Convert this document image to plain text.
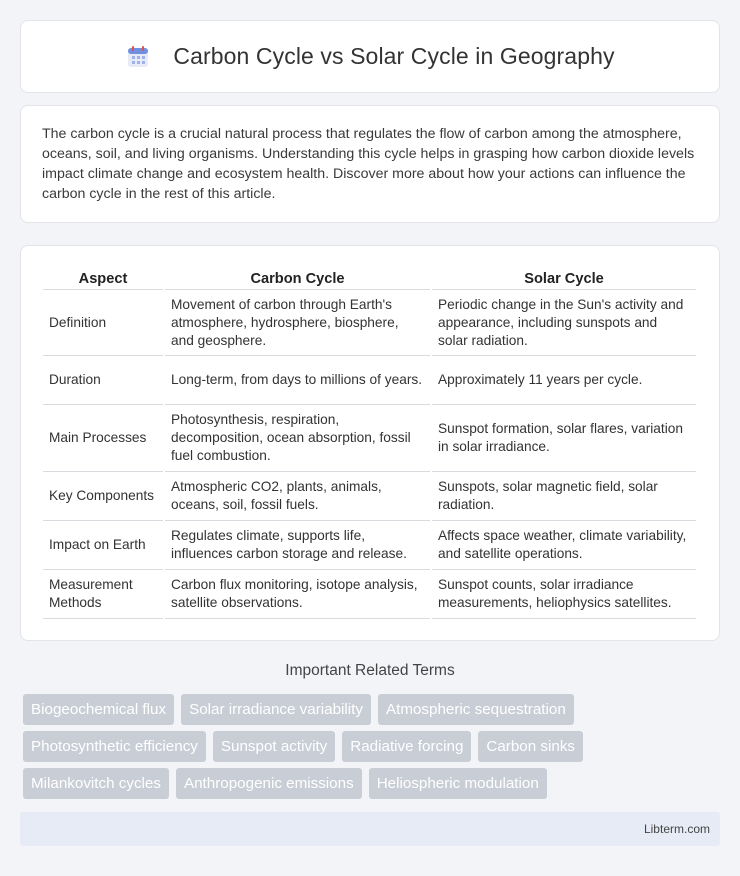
Carbon Cycle vs Solar Cycle in Geography

The carbon cycle is a crucial natural process that regulates the flow of carbon among the atmosphere, oceans, soil, and living organisms. Understanding this cycle helps in grasping how carbon dioxide levels impact climate change and ecosystem health. Discover more about how your actions can influence the carbon cycle in the rest of this article.

Aspect	Carbon Cycle	Solar Cycle
Definition	Movement of carbon through Earth's atmosphere, hydrosphere, biosphere, and geosphere.	Periodic change in the Sun's activity and appearance, including sunspots and solar radiation.
Duration	Long-term, from days to millions of years.	Approximately 11 years per cycle.
Main Processes	Photosynthesis, respiration, decomposition, ocean absorption, fossil fuel combustion.	Sunspot formation, solar flares, variation in solar irradiance.
Key Components	Atmospheric CO2, plants, animals, oceans, soil, fossil fuels.	Sunspots, solar magnetic field, solar radiation.
Impact on Earth	Regulates climate, supports life, influences carbon storage and release.	Affects space weather, climate variability, and satellite operations.
Measurement Methods	Carbon flux monitoring, isotope analysis, satellite observations.	Sunspot counts, solar irradiance measurements, heliophysics satellites.
Important Related Terms
Biogeochemical flux	Solar irradiance variability	Atmospheric sequestration
Photosynthetic efficiency	Sunspot activity	Radiative forcing	Carbon sinks
Milankovitch cycles	Anthropogenic emissions	Heliospheric modulation
Libterm.com
